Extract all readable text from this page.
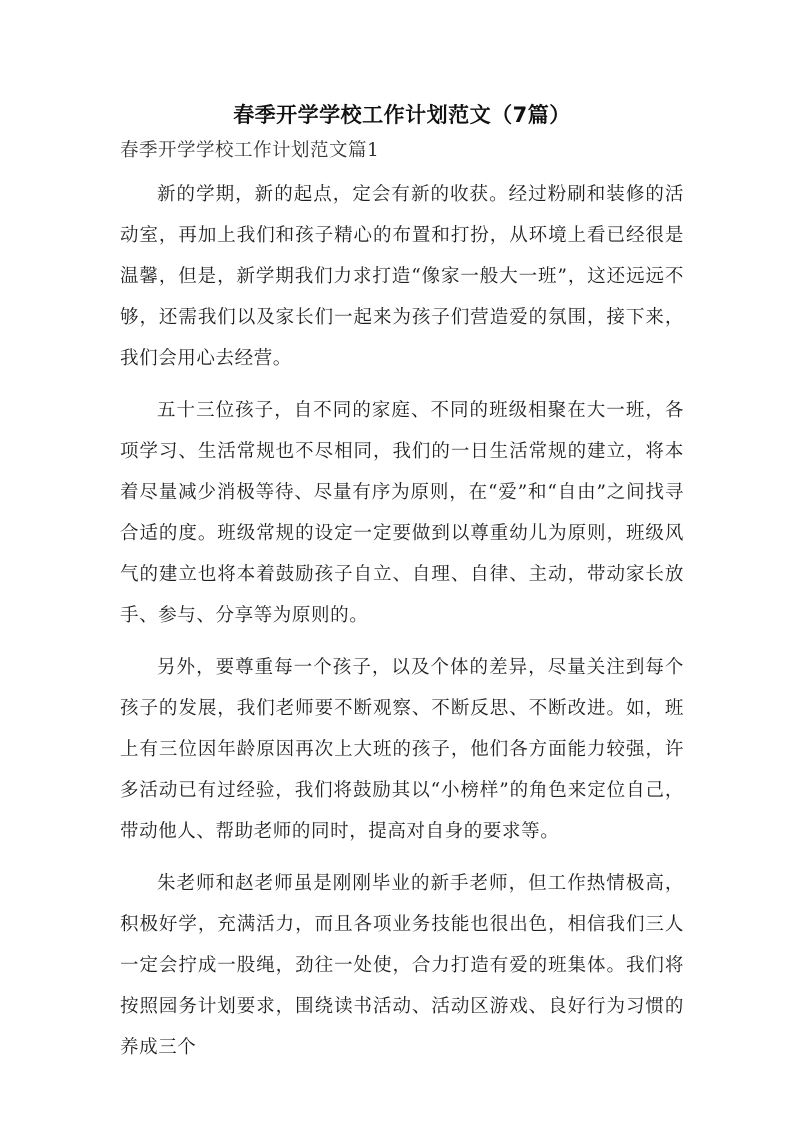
春季开学学校工作计划范文（7篇）
春季开学学校工作计划范文篇1

新的学期，新的起点，定会有新的收获。经过粉刷和装修的活动室，再加上我们和孩子精心的布置和打扮，从环境上看已经很是温馨，但是，新学期我们力求打造“像家一般大一班”，这还远远不够，还需我们以及家长们一起来为孩子们营造爱的氛围，接下来，我们会用心去经营。

五十三位孩子，自不同的家庭、不同的班级相聚在大一班，各项学习、生活常规也不尽相同，我们的一日生活常规的建立，将本着尽量减少消极等待、尽量有序为原则，在“爱”和“自由”之间找寻合适的度。班级常规的设定一定要做到以尊重幼儿为原则，班级风气的建立也将本着鼓励孩子自立、自理、自律、主动，带动家长放手、参与、分享等为原则的。

另外，要尊重每一个孩子，以及个体的差异，尽量关注到每个孩子的发展，我们老师要不断观察、不断反思、不断改进。如，班上有三位因年龄原因再次上大班的孩子，他们各方面能力较强，许多活动已有过经验，我们将鼓励其以“小榜样”的角色来定位自己，带动他人、帮助老师的同时，提高对自身的要求等。

朱老师和赵老师虽是刚刚毕业的新手老师，但工作热情极高，积极好学，充满活力，而且各项业务技能也很出色，相信我们三人一定会拧成一股绳，劲往一处使，合力打造有爱的班集体。我们将按照园务计划要求，围绕读书活动、活动区游戏、良好行为习惯的养成三个
